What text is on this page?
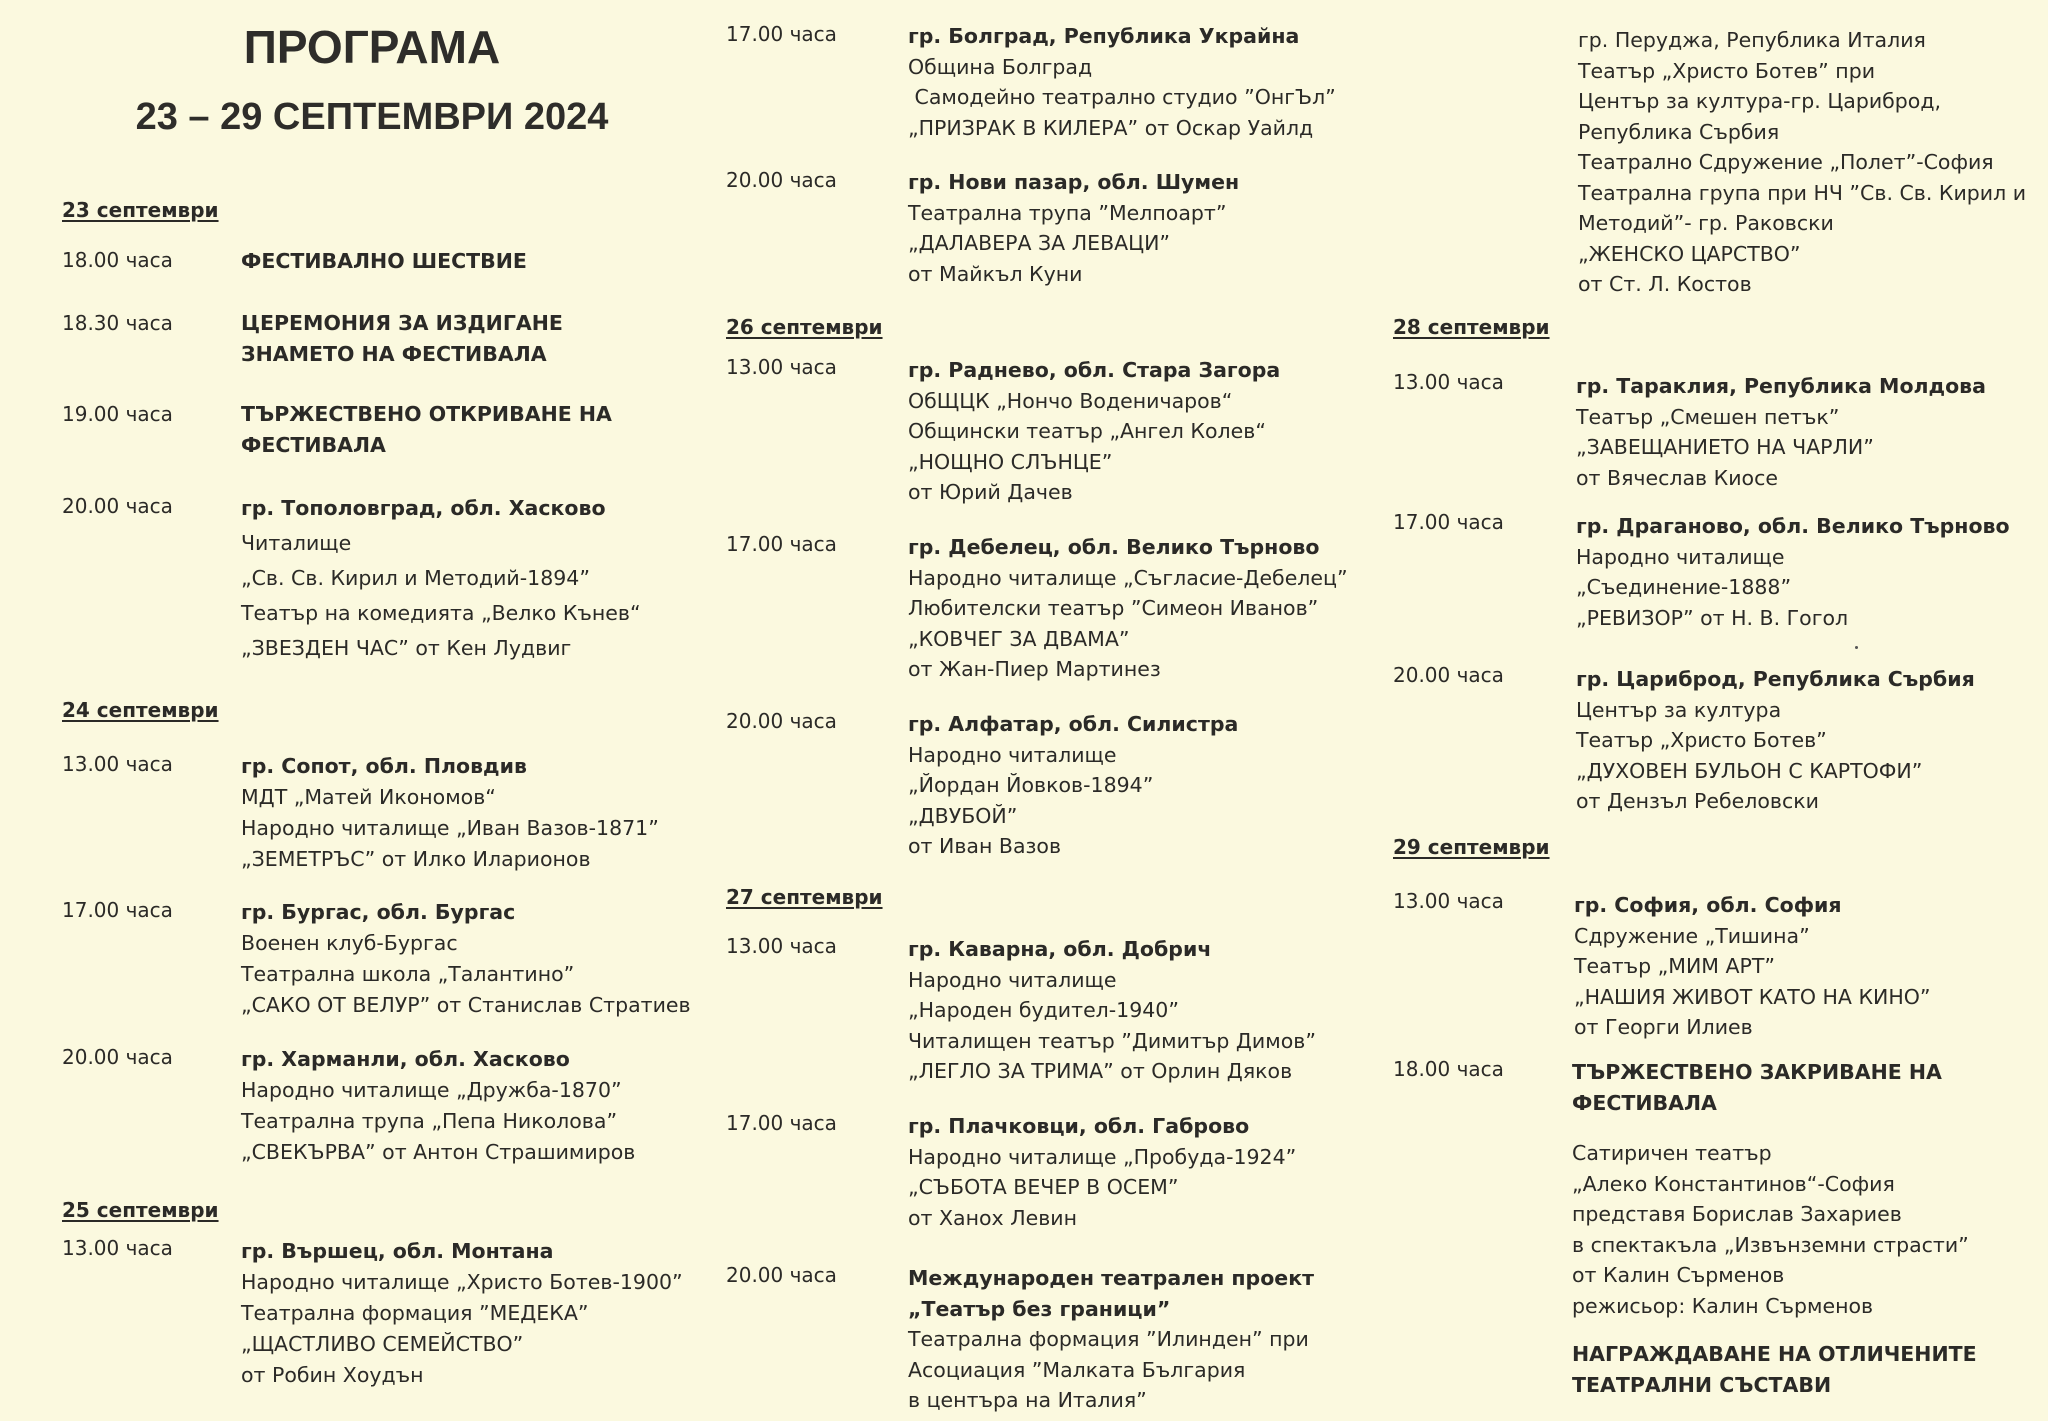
ПРОГРАМА
23 – 29 СЕПТЕМВРИ 2024
23 септември
18.00 часа	ФЕСТИВАЛНО ШЕСТВИЕ
18.30 часа	ЦЕРЕМОНИЯ ЗА ИЗДИГАНЕ
ЗНАМЕТО НА ФЕСТИВАЛА
19.00 часа	ТЪРЖЕСТВЕНО ОТКРИВАНЕ НА
ФЕСТИВАЛА
20.00 часа	гр. Тополовград, обл. Хасково
Читалище
„Св. Св. Кирил и Методий-1894”
Театър на комедията „Велко Кънев“
„ЗВЕЗДЕН ЧАС” от Кен Лудвиг
24 септември
13.00 часа	гр. Сопот, обл. Пловдив
МДТ „Матей Икономов“
Народно читалище „Иван Вазов-1871”
„ЗЕМЕТРЪС” от Илко Иларионов
17.00 часа	гр. Бургас, обл. Бургас
Военен клуб-Бургас
Театрална школа „Талантино”
„САКО ОТ ВЕЛУР” от Станислав Стратиев
20.00 часа	гр. Харманли, обл. Хасково
Народно читалище „Дружба-1870”
Театрална трупа „Пепа Николова”
„СВЕКЪРВА” от Антон Страшимиров
25 септември
13.00 часа	гр. Вършец, обл. Монтана
Народно читалище „Христо Ботев-1900”
Театрална формация ”МЕДЕКА”
„ЩАСТЛИВО СЕМЕЙСТВО”
от Робин Хоудън
17.00 часа	гр. Болград, Република Украйна
Община Болград
Самодейно театрално студио ”ОнгЪл”
„ПРИЗРАК В КИЛЕРА” от Оскар Уайлд
20.00 часа	гр. Нови пазар, обл. Шумен
Театрална трупа ”Мелпоарт”
„ДАЛАВЕРА ЗА ЛЕВАЦИ”
от Майкъл Куни
26 септември
13.00 часа	гр. Раднево, обл. Стара Загора
ОбЩЦК „Нончо Воденичаров“
Общински театър „Ангел Колев“
„НОЩНО СЛЪНЦЕ”
от Юрий Дачев
17.00 часа	гр. Дебелец, обл. Велико Търново
Народно читалище „Съгласие-Дебелец”
Любителски театър ”Симеон Иванов”
„КОВЧЕГ ЗА ДВАМА”
от Жан-Пиер Мартинез
20.00 часа	гр. Алфатар, обл. Силистра
Народно читалище
„Йордан Йовков-1894”
„ДВУБОЙ”
от Иван Вазов
27 септември
13.00 часа	гр. Каварна, обл. Добрич
Народно читалище
„Народен будител-1940”
Читалищен театър ”Димитър Димов”
„ЛЕГЛО ЗА ТРИМА” от Орлин Дяков
17.00 часа	гр. Плачковци, обл. Габрово
Народно читалище „Пробуда-1924”
„СЪБОТА ВЕЧЕР В ОСЕМ”
от Ханох Левин
20.00 часа	Международен театрален проект
„Театър без граници”
Театрална формация ”Илинден” при
Асоциация ”Малката България
в центъра на Италия”
гр. Перуджа, Република Италия
Театър „Христо Ботев” при
Център за култура-гр. Цариброд,
Република Сърбия
Театрално Сдружение „Полет”-София
Театрална група при НЧ ”Св. Св. Кирил и
Методий”- гр. Раковски
„ЖЕНСКО ЦАРСТВО”
от Ст. Л. Костов
28 септември
13.00 часа	гр. Тараклия, Република Молдова
Театър „Смешен петък”
„ЗАВЕЩАНИЕТО НА ЧАРЛИ”
от Вячеслав Киосе
17.00 часа	гр. Драганово, обл. Велико Търново
Народно читалище
„Съединение-1888”
„РЕВИЗОР” от Н. В. Гогол
20.00 часа	гр. Цариброд, Република Сърбия
Център за култура
Театър „Христо Ботев”
„ДУХОВЕН БУЛЬОН С КАРТОФИ”
от Дензъл Ребеловски
29 септември
13.00 часа	гр. София, обл. София
Сдружение „Тишина”
Театър „МИМ АРТ”
„НАШИЯ ЖИВОТ КАТО НА КИНО”
от Георги Илиев
18.00 часа	ТЪРЖЕСТВЕНО ЗАКРИВАНЕ НА
ФЕСТИВАЛА
Сатиричен театър
„Алеко Константинов“-София
представя Борислав Захариев
в спектакъла „Извънземни страсти”
от Калин Сърменов
режисьор: Калин Сърменов
НАГРАЖДАВАНЕ НА ОТЛИЧЕНИТЕ
ТЕАТРАЛНИ СЪСТАВИ
